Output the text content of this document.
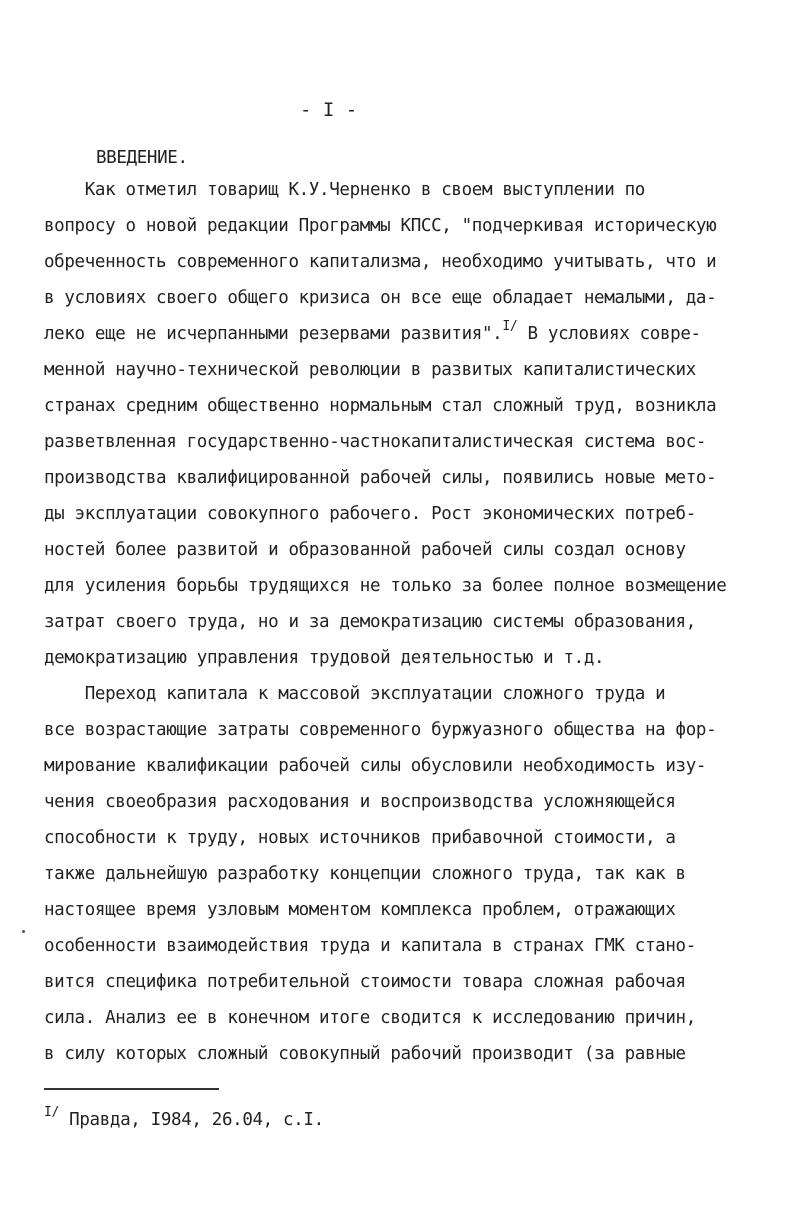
- I -
ВВЕДЕНИЕ.
Как отметил товарищ К.У.Черненко в своем выступлении по
вопросу о новой редакции Программы КПСС, "подчеркивая историческую
обреченность современного капитализма, необходимо учитывать, что и
в условиях своего общего кризиса он все еще обладает немалыми, да-
леко еще не исчерпанными резервами развития".$^{I/}$ В условиях совре-
менной научно-технической революции в развитых капиталистических
странах средним общественно нормальным стал сложный труд, возникла
разветвленная государственно-частнокапиталистическая система вос-
производства квалифицированной рабочей силы, появились новые мето-
ды эксплуатации совокупного рабочего. Рост экономических потреб-
ностей более развитой и образованной рабочей силы создал основу
для усиления борьбы трудящихся не только за более полное возмещение
затрат своего труда, но и за демократизацию системы образования,
демократизацию управления трудовой деятельностью и т.д.
Переход капитала к массовой эксплуатации сложного труда и
все возрастающие затраты современного буржуазного общества на фор-
мирование квалификации рабочей силы обусловили необходимость изу-
чения своеобразия расходования и воспроизводства усложняющейся
способности к труду, новых источников прибавочной стоимости, а
также дальнейшую разработку концепции сложного труда, так как в
настоящее время узловым моментом комплекса проблем, отражающих
особенности взаимодействия труда и капитала в странах ГМК стано-
вится специфика потребительной стоимости товара сложная рабочая
сила. Анализ ее в конечном итоге сводится к исследованию причин,
в силу которых сложный совокупный рабочий производит (за равные
$^{I/}$ Правда, I984, 26.04, с.I.
